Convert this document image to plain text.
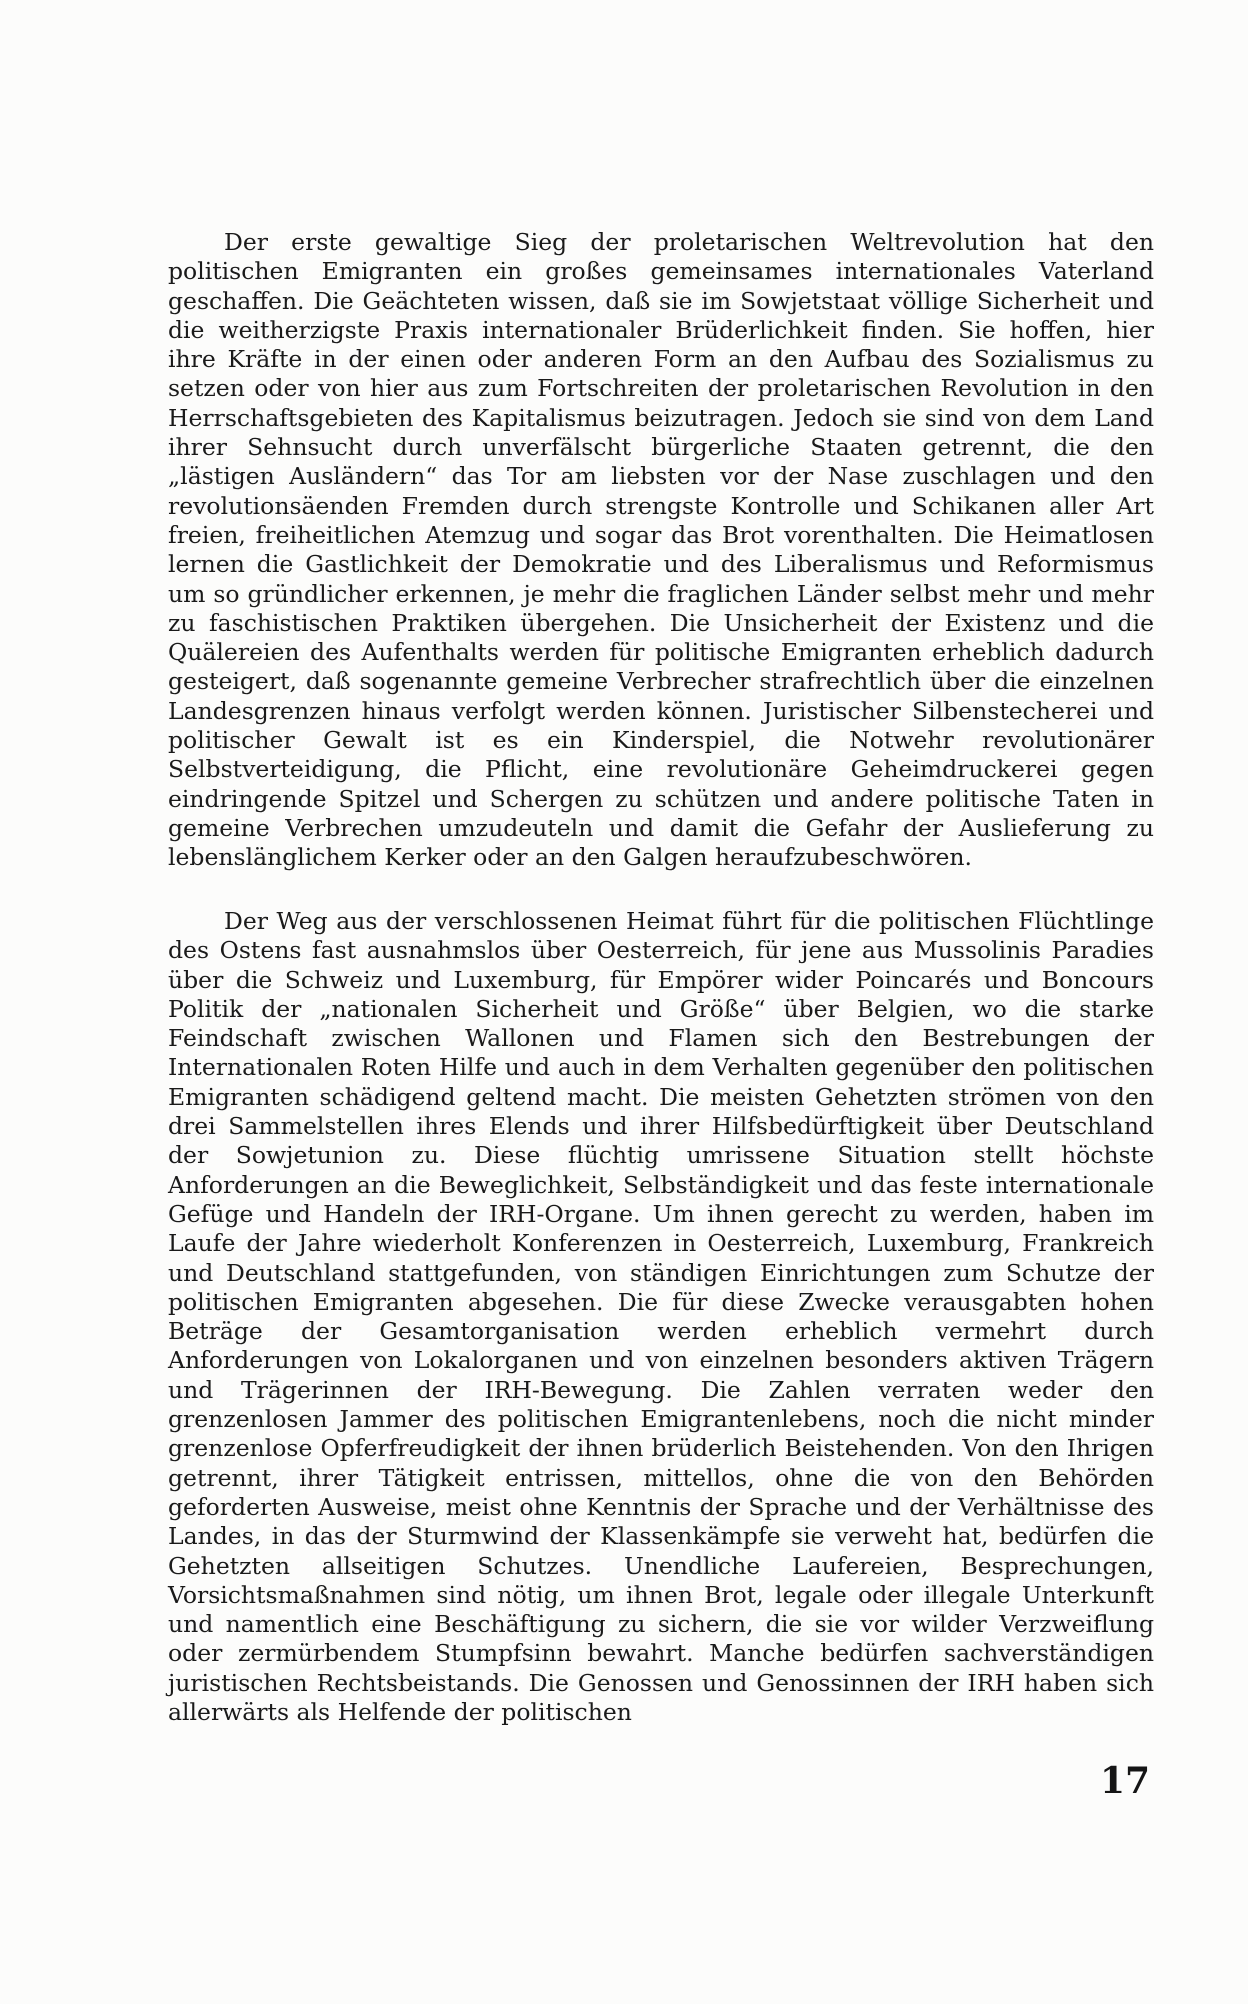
Der erste gewaltige Sieg der proletarischen Weltrevolution hat den politischen Emigranten ein großes gemeinsames internationales Vaterland geschaffen. Die Geächteten wissen, daß sie im Sowjetstaat völlige Sicherheit und die weitherzigste Praxis internationaler Brüderlichkeit finden. Sie hoffen, hier ihre Kräfte in der einen oder anderen Form an den Aufbau des Sozialismus zu setzen oder von hier aus zum Fortschreiten der proletarischen Revolution in den Herrschaftsgebieten des Kapitalismus beizutragen. Jedoch sie sind von dem Land ihrer Sehnsucht durch unverfälscht bürgerliche Staaten getrennt, die den „lästigen Ausländern“ das Tor am liebsten vor der Nase zuschlagen und den revolutionsäenden Fremden durch strengste Kontrolle und Schikanen aller Art freien, freiheitlichen Atemzug und sogar das Brot vorenthalten. Die Heimatlosen lernen die Gastlichkeit der Demokratie und des Liberalismus und Reformismus um so gründlicher erkennen, je mehr die fraglichen Länder selbst mehr und mehr zu faschistischen Praktiken übergehen. Die Unsicherheit der Existenz und die Quälereien des Aufenthalts werden für politische Emigranten erheblich dadurch gesteigert, daß sogenannte gemeine Verbrecher strafrechtlich über die einzelnen Landesgrenzen hinaus verfolgt werden können. Juristischer Silbenstecherei und politischer Gewalt ist es ein Kinderspiel, die Notwehr revolutionärer Selbstverteidigung, die Pflicht, eine revolutionäre Geheimdruckerei gegen eindringende Spitzel und Schergen zu schützen und andere politische Taten in gemeine Verbrechen umzudeuteln und damit die Gefahr der Auslieferung zu lebenslänglichem Kerker oder an den Galgen heraufzubeschwören.

Der Weg aus der verschlossenen Heimat führt für die politischen Flüchtlinge des Ostens fast ausnahmslos über Oesterreich, für jene aus Mussolinis Paradies über die Schweiz und Luxemburg, für Empörer wider Poincarés und Boncours Politik der „nationalen Sicherheit und Größe“ über Belgien, wo die starke Feindschaft zwischen Wallonen und Flamen sich den Bestrebungen der Internationalen Roten Hilfe und auch in dem Verhalten gegenüber den politischen Emigranten schädigend geltend macht. Die meisten Gehetzten strömen von den drei Sammelstellen ihres Elends und ihrer Hilfsbedürftigkeit über Deutschland der Sowjetunion zu. Diese flüchtig umrissene Situation stellt höchste Anforderungen an die Beweglichkeit, Selbständigkeit und das feste internationale Gefüge und Handeln der IRH-Organe. Um ihnen gerecht zu werden, haben im Laufe der Jahre wiederholt Konferenzen in Oesterreich, Luxemburg, Frankreich und Deutschland stattgefunden, von ständigen Einrichtungen zum Schutze der politischen Emigranten abgesehen. Die für diese Zwecke verausgabten hohen Beträge der Gesamtorganisation werden erheblich vermehrt durch Anforderungen von Lokalorganen und von einzelnen besonders aktiven Trägern und Trägerinnen der IRH-Bewegung. Die Zahlen verraten weder den grenzenlosen Jammer des politischen Emigrantenlebens, noch die nicht minder grenzenlose Opferfreudigkeit der ihnen brüderlich Beistehenden. Von den Ihrigen getrennt, ihrer Tätigkeit entrissen, mittellos, ohne die von den Behörden geforderten Ausweise, meist ohne Kenntnis der Sprache und der Verhältnisse des Landes, in das der Sturmwind der Klassenkämpfe sie verweht hat, bedürfen die Gehetzten allseitigen Schutzes. Unendliche Laufereien, Besprechungen, Vorsichtsmaßnahmen sind nötig, um ihnen Brot, legale oder illegale Unterkunft und namentlich eine Beschäftigung zu sichern, die sie vor wilder Verzweiflung oder zermürbendem Stumpfsinn bewahrt. Manche bedürfen sachverständigen juristischen Rechtsbeistands. Die Genossen und Genossinnen der IRH haben sich allerwärts als Helfende der politischen

17
